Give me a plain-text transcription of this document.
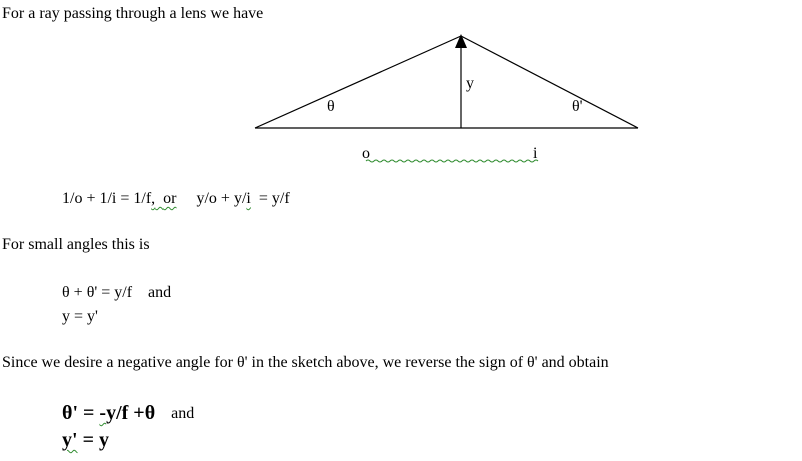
For a ray passing through a lens we have
y
θ	θ'
o	i
1/o + 1/i = 1/f, or y/o + y/i  = y/f
For small angles this is
θ + θ' = y/f and
y = y'
Since we desire a negative angle for θ' in the sketch above, we reverse the sign of θ' and obtain
θ' = -y/f +θ and
y' = y
